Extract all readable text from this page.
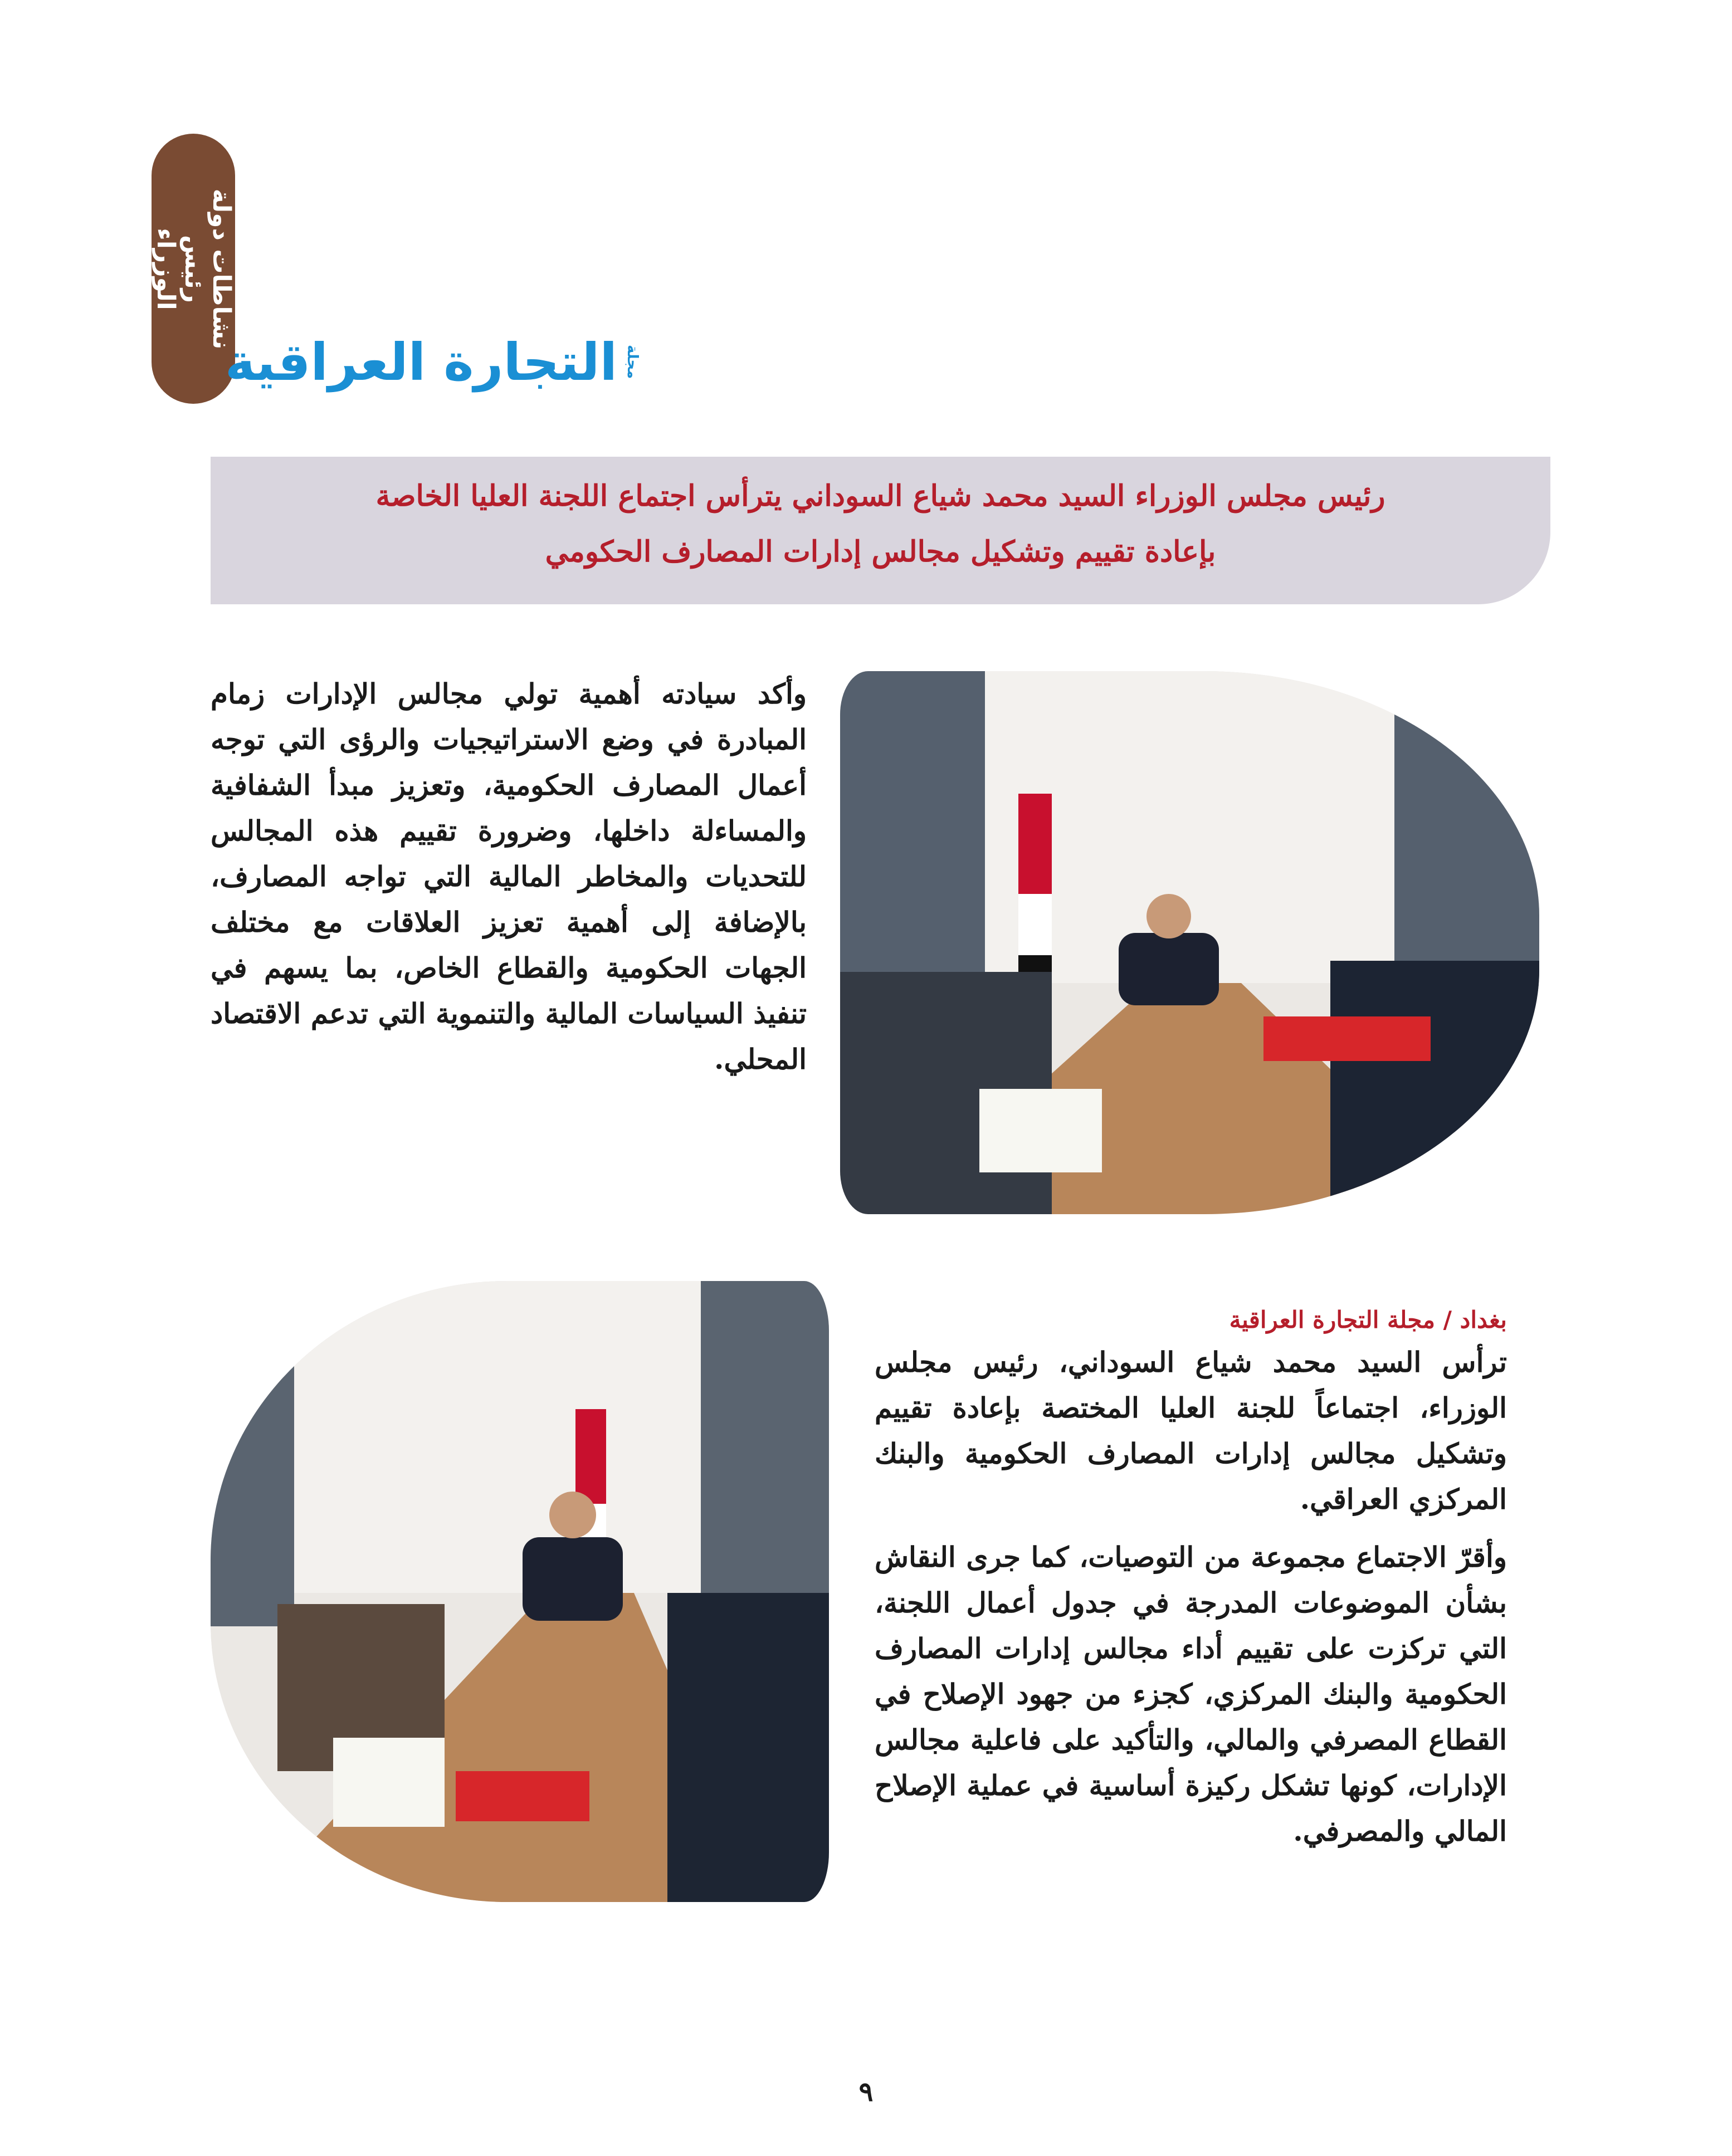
نشاطات دولة رئيس
الوزراء
مجلة
التجارة العراقية
رئيس مجلس الوزراء السيد محمد شياع السوداني يترأس اجتماع اللجنة العليا الخاصة
بإعادة تقييم وتشكيل مجالس إدارات المصارف الحكومي
وأكد سيادته أهمية تولي مجالس الإدارات زمام المبادرة في وضع الاستراتيجيات والرؤى التي توجه أعمال المصارف الحكومية، وتعزيز مبدأ الشفافية والمساءلة داخلها، وضرورة تقييم هذه المجالس للتحديات والمخاطر المالية التي تواجه المصارف، بالإضافة إلى أهمية تعزيز العلاقات مع مختلف الجهات الحكومية والقطاع الخاص، بما يسهم في تنفيذ السياسات المالية والتنموية التي تدعم الاقتصاد المحلي.
بغداد / مجلة التجارة العراقية

ترأس السيد محمد شياع السوداني، رئيس مجلس الوزراء، اجتماعاً للجنة العليا المختصة بإعادة تقييم وتشكيل مجالس إدارات المصارف الحكومية والبنك المركزي العراقي.

وأقرّ الاجتماع مجموعة من التوصيات، كما جرى النقاش بشأن الموضوعات المدرجة في جدول أعمال اللجنة، التي تركزت على تقييم أداء مجالس إدارات المصارف الحكومية والبنك المركزي، كجزء من جهود الإصلاح في القطاع المصرفي والمالي، والتأكيد على فاعلية مجالس الإدارات، كونها تشكل ركيزة أساسية في عملية الإصلاح المالي والمصرفي.

٩
